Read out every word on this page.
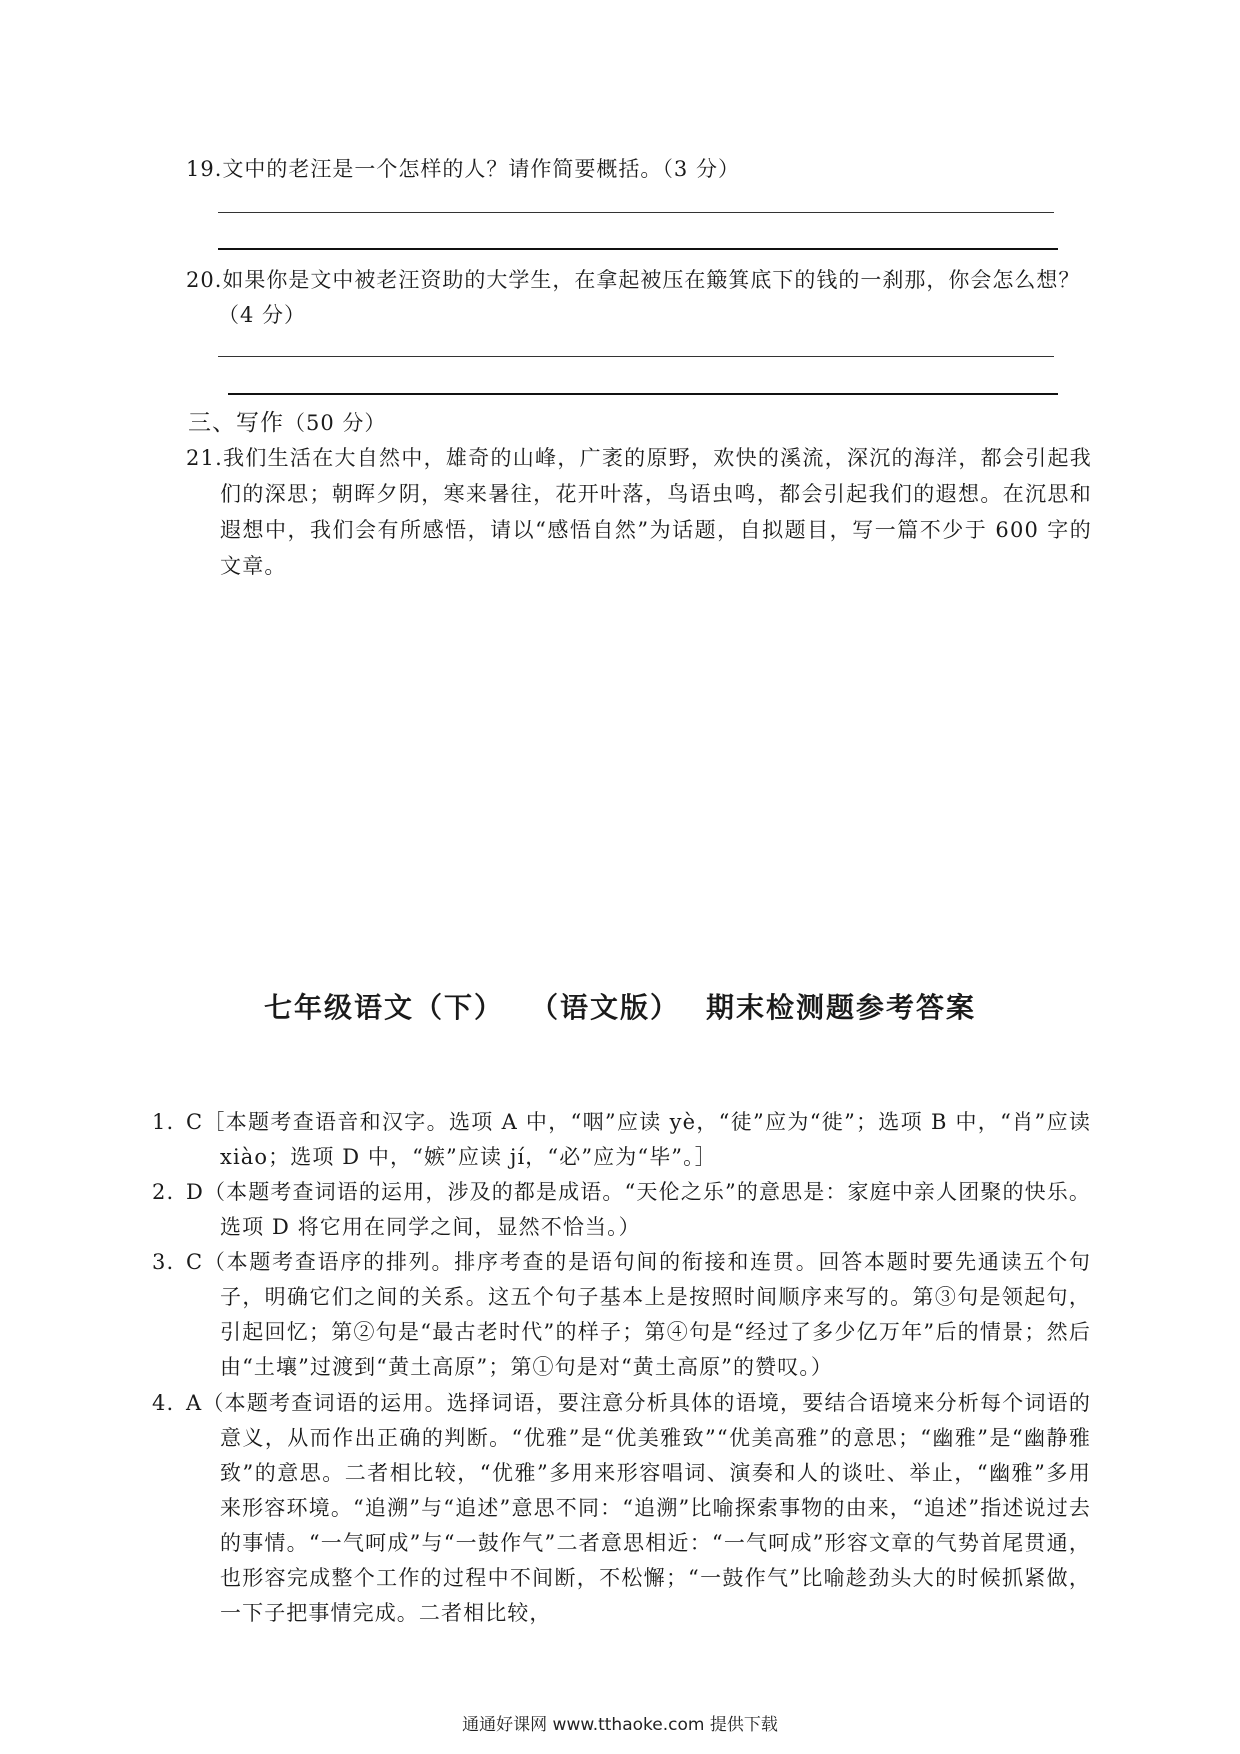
19.文中的老汪是一个怎样的人？请作简要概括。（3 分）

20.如果你是文中被老汪资助的大学生，在拿起被压在簸箕底下的钱的一刹那，你会怎么想？

（4 分）

三、写作（50 分）

21.我们生活在大自然中，雄奇的山峰，广袤的原野，欢快的溪流，深沉的海洋，都会引起我们的深思；朝晖夕阴，寒来暑往，花开叶落，鸟语虫鸣，都会引起我们的遐想。在沉思和遐想中，我们会有所感悟，请以“感悟自然”为话题，自拟题目，写一篇不少于 600 字的文章。
七年级语文（下） （语文版） 期末检测题参考答案
1. C［本题考查语音和汉字。选项 A 中，“咽”应读 yè，“徒”应为“徙”；选项 B 中，“肖”应读 xiào；选项 D 中，“嫉”应读 jí，“必”应为“毕”。］
2. D（本题考查词语的运用，涉及的都是成语。“天伦之乐”的意思是：家庭中亲人团聚的快乐。选项 D 将它用在同学之间，显然不恰当。）
3. C（本题考查语序的排列。排序考查的是语句间的衔接和连贯。回答本题时要先通读五个句子，明确它们之间的关系。这五个句子基本上是按照时间顺序来写的。第③句是领起句，引起回忆；第②句是“最古老时代”的样子；第④句是“经过了多少亿万年”后的情景；然后由“土壤”过渡到“黄土高原”；第①句是对“黄土高原”的赞叹。）
4. A（本题考查词语的运用。选择词语，要注意分析具体的语境，要结合语境来分析每个词语的意义，从而作出正确的判断。“优雅”是“优美雅致”“优美高雅”的意思；“幽雅”是“幽静雅致”的意思。二者相比较，“优雅”多用来形容唱词、演奏和人的谈吐、举止，“幽雅”多用来形容环境。“追溯”与“追述”意思不同：“追溯”比喻探索事物的由来，“追述”指述说过去的事情。“一气呵成”与“一鼓作气”二者意思相近：“一气呵成”形容文章的气势首尾贯通，也形容完成整个工作的过程中不间断，不松懈；“一鼓作气”比喻趁劲头大的时候抓紧做，一下子把事情完成。二者相比较，

通通好课网 www.tthaoke.com 提供下载
